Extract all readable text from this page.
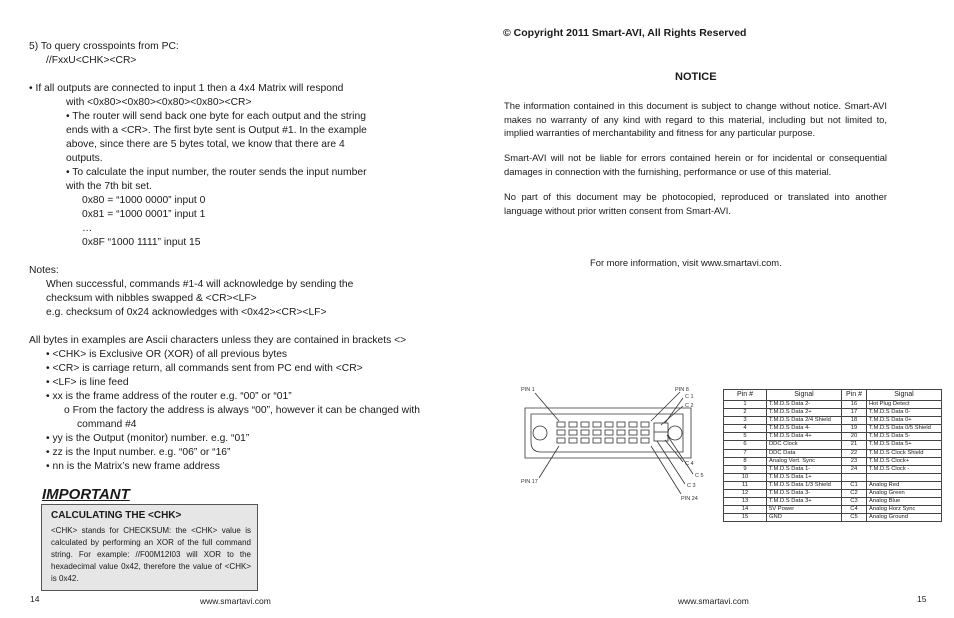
5) To query crosspoints from PC:
//FxxU<CHK><CR>
• If all outputs are connected to input 1 then a 4x4 Matrix will respond
with <0x80><0x80><0x80><0x80><CR>
• The router will send back one byte for each output and the string
ends with a <CR>. The first byte sent is Output #1. In the example
above, since there are 5 bytes total, we know that there are 4
outputs.
• To calculate the input number, the router sends the input number
with the 7th bit set.
0x80 = “1000 0000” input 0
0x81 = “1000 0001” input 1
…
0x8F “1000 1111” input 15
Notes:
When successful, commands #1-4 will acknowledge by sending the
checksum with nibbles swapped & <CR><LF>
e.g. checksum of 0x24 acknowledges with <0x42><CR><LF>
All bytes in examples are Ascii characters unless they are contained in brackets <>
• <CHK> is Exclusive OR (XOR) of all previous bytes
• <CR> is carriage return, all commands sent from PC end with <CR>
• <LF> is line feed
• xx is the frame address of the router e.g. “00” or “01”
o From the factory the address is always “00”, however it can be changed with
command #4
• yy is the Output (monitor) number. e.g. “01”
• zz is the Input number. e.g. “06” or “16”
• nn is the Matrix’s new frame address
IMPORTANT
CALCULATING THE <CHK>
<CHK> stands for CHECKSUM: the <CHK> value is calculated by performing an XOR of the full command string. For example: //F00M12I03 will XOR to the hexadecimal value 0x42, therefore the value of <CHK> is 0x42.
14	www.smartavi.com
© Copyright 2011 Smart-AVI, All Rights Reserved
NOTICE
The information contained in this document is subject to change without notice. Smart-AVI makes no warranty of any kind with regard to this material, including but not limited to, implied warranties of merchantability and fitness for any particular purpose.
Smart-AVI will not be liable for errors contained herein or for incidental or consequential damages in connection with the furnishing, performance or use of this material.
No part of this document may be photocopied, reproduced or translated into another language without prior written consent from Smart-AVI.
For more information, visit www.smartavi.com.
PIN 1
PIN 17
PIN 8
C 1
C 2
C 4
C 5
C 3
PIN 24
Pin #	Signal	Pin #	Signal
1	T.M.D.S Data 2-	16	Hot Plug Detect
2	T.M.D.S Data 2+	17	T.M.D.S Data 0-
3	T.M.D.S Data 2/4 Shield	18	T.M.D.S Data 0+
4	T.M.D.S Data 4-	19	T.M.D.S Data 0/5 Shield
5	T.M.D.S Data 4+	20	T.M.D.S Data 5-
6	DDC Clock	21	T.M.D.S Data 5+
7	DDC Data	22	T.M.D.S Clock Shield
8	Analog Vert. Sync	23	T.M.D.S Clock+
9	T.M.D.S Data 1-	24	T.M.D.S Clock -
10	T.M.D.S Data 1+		
11	T.M.D.S Data 1/3 Shield	C1	Analog Red
12	T.M.D.S Data 3-	C2	Analog Green
13	T.M.D.S Data 3+	C3	Analog Blue
14	5V Power	C4	Analog Horz Sync
15	GND	C5	Analog Ground
www.smartavi.com	15
